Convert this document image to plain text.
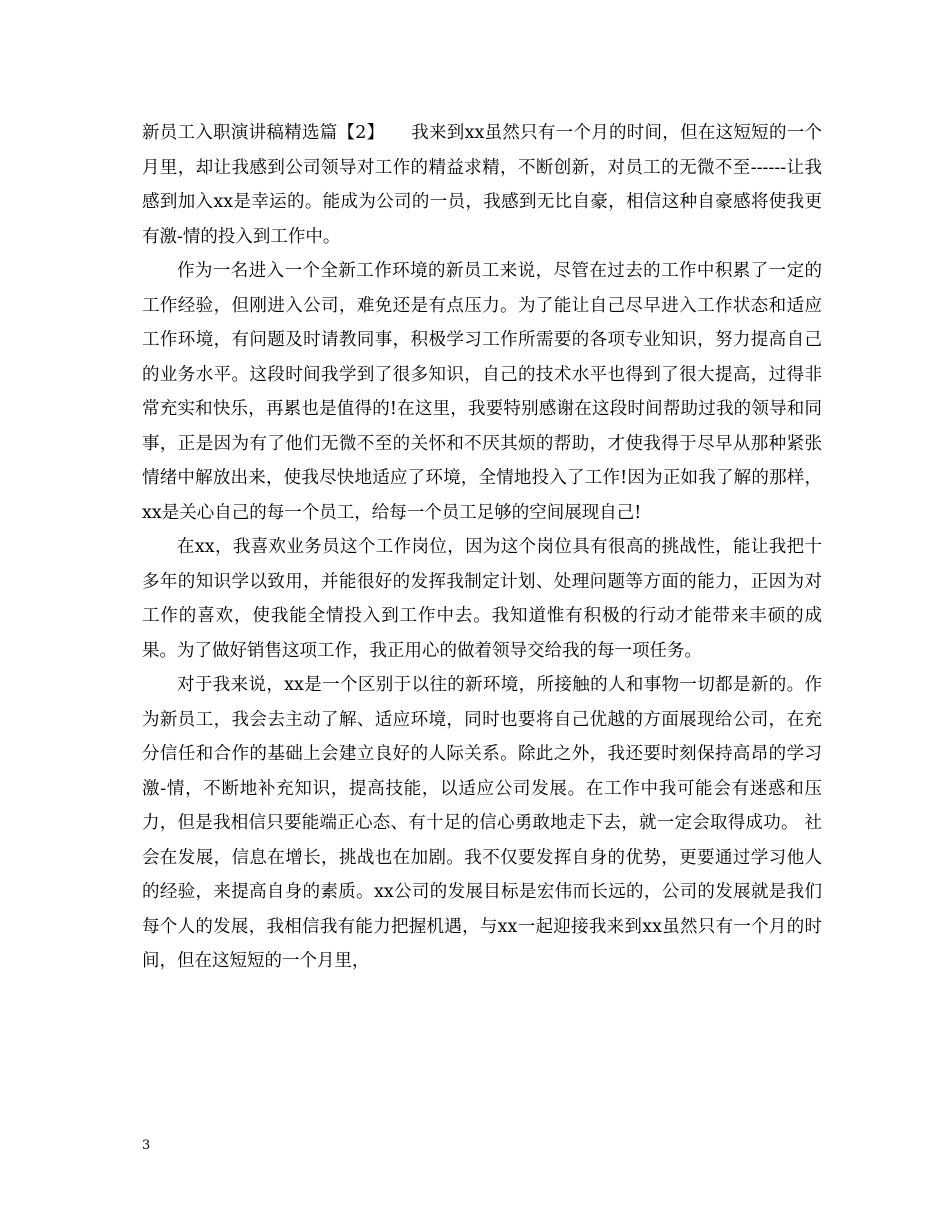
新员工入职演讲稿精选篇【2】　　我来到xx虽然只有一个月的时间，但在这短短的一个月里，却让我感到公司领导对工作的精益求精，不断创新，对员工的无微不至------让我感到加入xx是幸运的。能成为公司的一员，我感到无比自豪，相信这种自豪感将使我更有激-情的投入到工作中。

作为一名进入一个全新工作环境的新员工来说，尽管在过去的工作中积累了一定的工作经验，但刚进入公司，难免还是有点压力。为了能让自己尽早进入工作状态和适应工作环境，有问题及时请教同事，积极学习工作所需要的各项专业知识，努力提高自己的业务水平。这段时间我学到了很多知识，自己的技术水平也得到了很大提高，过得非常充实和快乐，再累也是值得的!在这里，我要特别感谢在这段时间帮助过我的领导和同事，正是因为有了他们无微不至的关怀和不厌其烦的帮助，才使我得于尽早从那种紧张情绪中解放出来，使我尽快地适应了环境，全情地投入了工作!因为正如我了解的那样，xx是关心自己的每一个员工，给每一个员工足够的空间展现自己!

在xx，我喜欢业务员这个工作岗位，因为这个岗位具有很高的挑战性，能让我把十多年的知识学以致用，并能很好的发挥我制定计划、处理问题等方面的能力，正因为对工作的喜欢，使我能全情投入到工作中去。我知道惟有积极的行动才能带来丰硕的成果。为了做好销售这项工作，我正用心的做着领导交给我的每一项任务。

对于我来说，xx是一个区别于以往的新环境，所接触的人和事物一切都是新的。作为新员工，我会去主动了解、适应环境，同时也要将自己优越的方面展现给公司，在充分信任和合作的基础上会建立良好的人际关系。除此之外，我还要时刻保持高昂的学习激-情，不断地补充知识，提高技能，以适应公司发展。在工作中我可能会有迷惑和压力，但是我相信只要能端正心态、有十足的信心勇敢地走下去，就一定会取得成功。 社会在发展，信息在增长，挑战也在加剧。我不仅要发挥自身的优势，更要通过学习他人的经验，来提高自身的素质。xx公司的发展目标是宏伟而长远的，公司的发展就是我们每个人的发展，我相信我有能力把握机遇，与xx一起迎接我来到xx虽然只有一个月的时间，但在这短短的一个月里，

3
